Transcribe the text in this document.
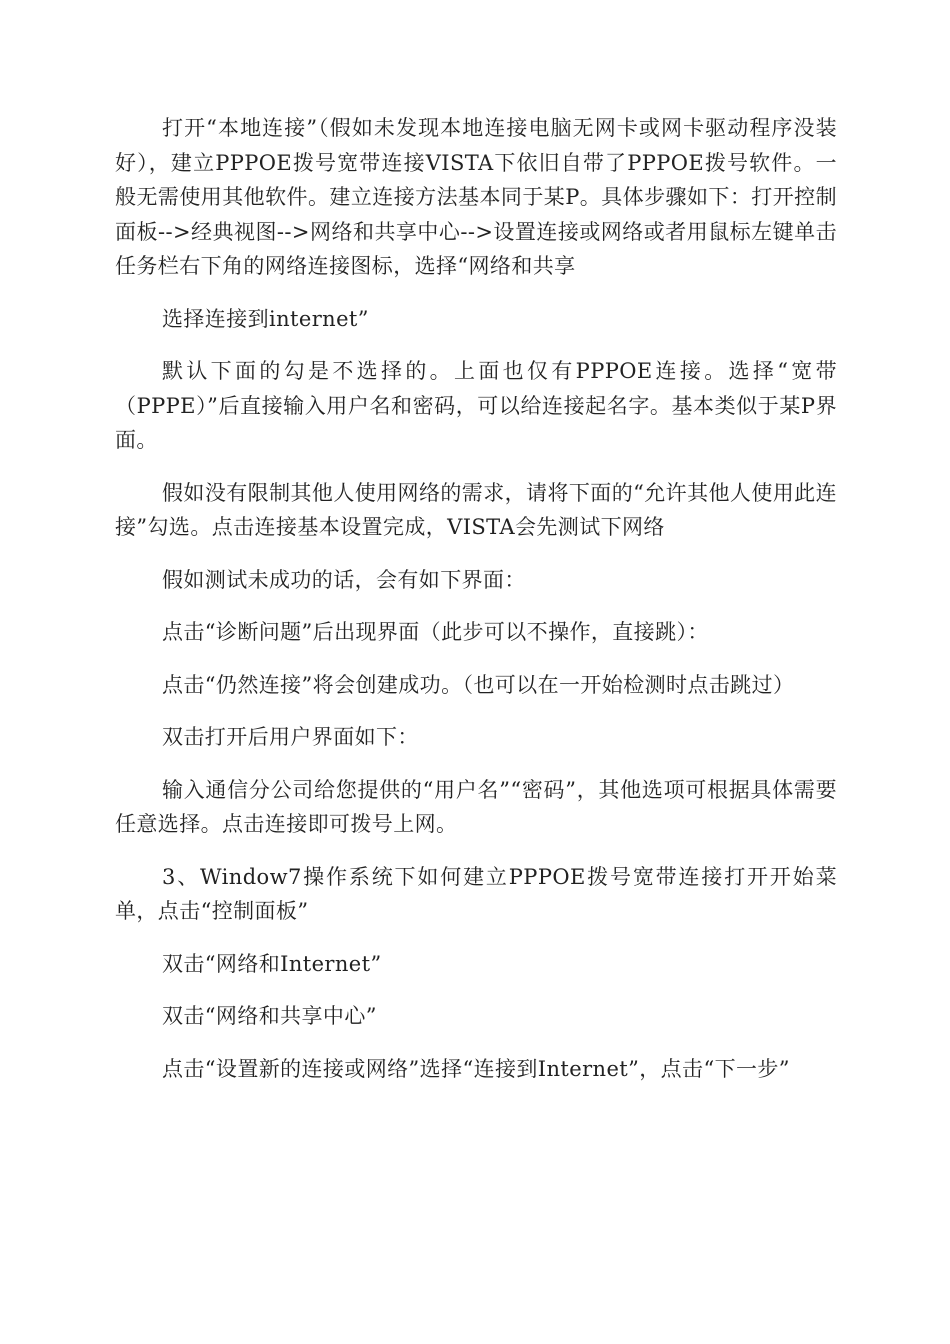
打开“本地连接”（假如未发现本地连接电脑无网卡或网卡驱动程序没装好），建立PPPOE拨号宽带连接VISTA下依旧自带了PPPOE拨号软件。一般无需使用其他软件。建立连接方法基本同于某P。具体步骤如下：打开控制面板-->经典视图-->网络和共享中心-->设置连接或网络或者用鼠标左键单击任务栏右下角的网络连接图标，选择“网络和共享

选择连接到internet”

默认下面的勾是不选择的。上面也仅有PPPOE连接。选择“宽带（PPPE）”后直接输入用户名和密码，可以给连接起名字。基本类似于某P界面。

假如没有限制其他人使用网络的需求，请将下面的“允许其他人使用此连接”勾选。点击连接基本设置完成，VISTA会先测试下网络

假如测试未成功的话，会有如下界面：

点击“诊断问题”后出现界面（此步可以不操作，直接跳）：

点击“仍然连接”将会创建成功。（也可以在一开始检测时点击跳过）

双击打开后用户界面如下：

输入通信分公司给您提供的“用户名”“密码”，其他选项可根据具体需要任意选择。点击连接即可拨号上网。

3、Window7操作系统下如何建立PPPOE拨号宽带连接打开开始菜单，点击“控制面板”

双击“网络和Internet”

双击“网络和共享中心”

点击“设置新的连接或网络”选择“连接到Internet”，点击“下一步”
